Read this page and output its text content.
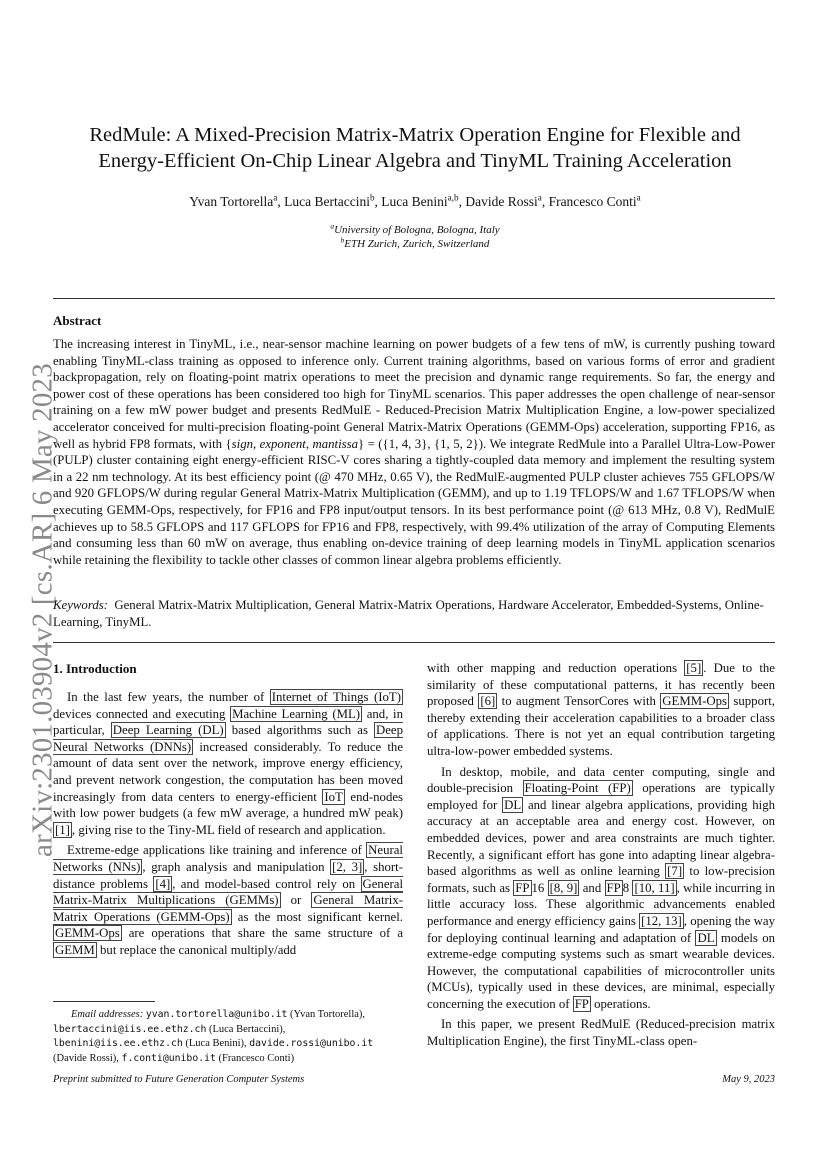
arXiv:2301.03904v2 [cs.AR] 6 May 2023
RedMule: A Mixed-Precision Matrix-Matrix Operation Engine for Flexible and
Energy-Efficient On-Chip Linear Algebra and TinyML Training Acceleration
Yvan Tortorella$^a$, Luca Bertaccini$^b$, Luca Benini$^{a,b}$, Davide Rossi$^a$, Francesco Conti$^a$
$^a$University of Bologna, Bologna, Italy
$^b$ETH Zurich, Zurich, Switzerland
Abstract
The increasing interest in TinyML, i.e., near-sensor machine learning on power budgets of a few tens of mW, is currently pushing toward enabling TinyML-class training as opposed to inference only. Current training algorithms, based on various forms of error and gradient backpropagation, rely on floating-point matrix operations to meet the precision and dynamic range requirements. So far, the energy and power cost of these operations has been considered too high for TinyML scenarios. This paper addresses the open challenge of near-sensor training on a few mW power budget and presents RedMulE - Reduced-Precision Matrix Multiplication Engine, a low-power specialized accelerator conceived for multi-precision floating-point General Matrix-Matrix Operations (GEMM-Ops) acceleration, supporting FP16, as well as hybrid FP8 formats, with {sign, exponent, mantissa} = ({1, 4, 3}, {1, 5, 2}). We integrate RedMule into a Parallel Ultra-Low-Power (PULP) cluster containing eight energy-efficient RISC-V cores sharing a tightly-coupled data memory and implement the resulting system in a 22 nm technology. At its best efficiency point (@ 470 MHz, 0.65 V), the RedMulE-augmented PULP cluster achieves 755 GFLOPS/W and 920 GFLOPS/W during regular General Matrix-Matrix Multiplication (GEMM), and up to 1.19 TFLOPS/W and 1.67 TFLOPS/W when executing GEMM-Ops, respectively, for FP16 and FP8 input/output tensors. In its best performance point (@ 613 MHz, 0.8 V), RedMulE achieves up to 58.5 GFLOPS and 117 GFLOPS for FP16 and FP8, respectively, with 99.4% utilization of the array of Computing Elements and consuming less than 60 mW on average, thus enabling on-device training of deep learning models in TinyML application scenarios while retaining the flexibility to tackle other classes of common linear algebra problems efficiently.
Keywords: General Matrix-Matrix Multiplication, General Matrix-Matrix Operations, Hardware Accelerator, Embedded-Systems, Online-Learning, TinyML.
1. Introduction

In the last few years, the number of Internet of Things (IoT) devices connected and executing Machine Learning (ML) and, in particular, Deep Learning (DL) based algorithms such as Deep Neural Networks (DNNs) increased considerably. To reduce the amount of data sent over the network, improve energy efficiency, and prevent network congestion, the computation has been moved increasingly from data centers to energy-efficient IoT end-nodes with low power budgets (a few mW average, a hundred mW peak) [1] , giving rise to the Tiny-ML field of research and application.

Extreme-edge applications like training and inference of Neural Networks (NNs) , graph analysis and manipulation [2, 3] , short-distance problems [4] , and model-based control rely on General Matrix-Matrix Multiplications (GEMMs) or General Matrix-Matrix Operations (GEMM-Ops) as the most significant kernel. GEMM-Ops are operations that share the same structure of a GEMM but replace the canonical multiply/add

with other mapping and reduction operations [5] . Due to the similarity of these computational patterns, it has recently been proposed [6] to augment TensorCores with GEMM-Ops support, thereby extending their acceleration capabilities to a broader class of applications. There is not yet an equal contribution targeting ultra-low-power embedded systems.

In desktop, mobile, and data center computing, single and double-precision Floating-Point (FP) operations are typically employed for DL and linear algebra applications, providing high accuracy at an acceptable area and energy cost. However, on embedded devices, power and area constraints are much tighter. Recently, a significant effort has gone into adapting linear algebra-based algorithms as well as online learning [7] to low-precision formats, such as FP 16 [8, 9] and FP 8 [10, 11] , while incurring in little accuracy loss. These algorithmic advancements enabled performance and energy efficiency gains [12, 13] , opening the way for deploying continual learning and adaptation of DL models on extreme-edge computing systems such as smart wearable devices. However, the computational capabilities of microcontroller units (MCUs), typically used in these devices, are minimal, especially concerning the execution of FP operations.

In this paper, we present RedMulE (Reduced-precision matrix Multiplication Engine), the first TinyML-class open-

Email addresses: yvan.tortorella@unibo.it (Yvan Tortorella),
lbertaccini@iis.ee.ethz.ch (Luca Bertaccini),
lbenini@iis.ee.ethz.ch (Luca Benini), davide.rossi@unibo.it
(Davide Rossi), f.conti@unibo.it (Francesco Conti)
Preprint submitted to Future Generation Computer Systems	May 9, 2023
